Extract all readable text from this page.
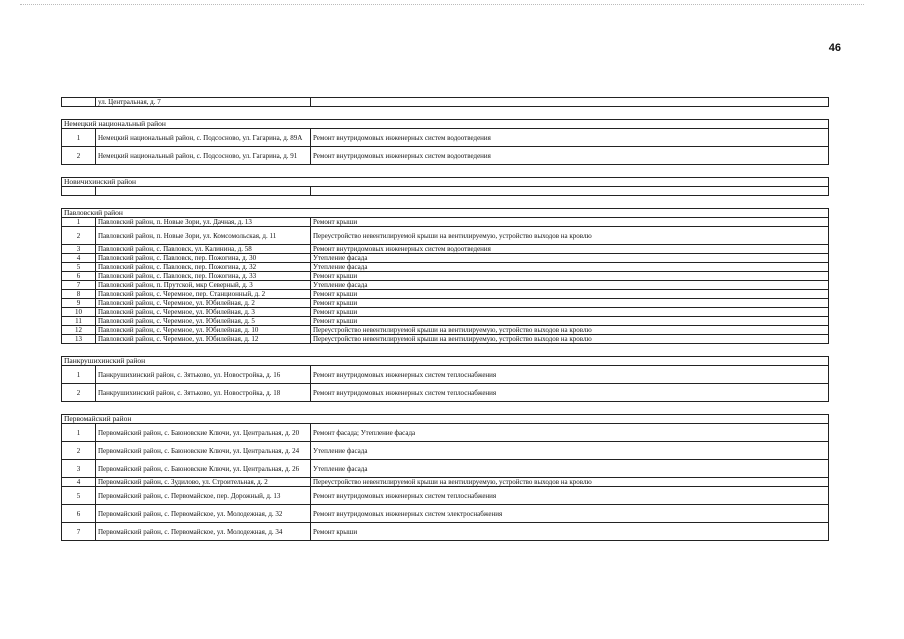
46
	ул. Центральная, д. 7	

Немецкий национальный район		
1	Немецкий национальный район, с. Подсосново, ул. Гагарина, д. 89А	Ремонт внутридомовых инженерных систем водоотведения
2	Немецкий национальный район, с. Подсосново, ул. Гагарина, д. 91	Ремонт внутридомовых инженерных систем водоотведения

Новичихинский район		

Павловский район		
1	Павловский район, п. Новые Зори, ул. Дачная, д. 13	Ремонт крыши
2	Павловский район, п. Новые Зори, ул. Комсомольская, д. 11	Переустройство невентилируемой крыши на вентилируемую, устройство выходов на кровлю
3	Павловский район, с. Павловск, ул. Калинина, д. 58	Ремонт внутридомовых инженерных систем водоотведения
4	Павловский район, с. Павловск, пер. Пожогина, д. 30	Утепление фасада
5	Павловский район, с. Павловск, пер. Пожогина, д. 32	Утепление фасада
6	Павловский район, с. Павловск, пер. Пожогина, д. 33	Ремонт крыши
7	Павловский район, п. Прутской, мкр Северный, д. 3	Утепление фасада
8	Павловский район, с. Черемное, пер. Станционный, д. 2	Ремонт крыши
9	Павловский район, с. Черемное, ул. Юбилейная, д. 2	Ремонт крыши
10	Павловский район, с. Черемное, ул. Юбилейная, д. 3	Ремонт крыши
11	Павловский район, с. Черемное, ул. Юбилейная, д. 5	Ремонт крыши
12	Павловский район, с. Черемное, ул. Юбилейная, д. 10	Переустройство невентилируемой крыши на вентилируемую, устройство выходов на кровлю
13	Павловский район, с. Черемное, ул. Юбилейная, д. 12	Переустройство невентилируемой крыши на вентилируемую, устройство выходов на кровлю

Панкрушихинский район		
1	Панкрушихинский район, с. Зятьково, ул. Новостройка, д. 16	Ремонт внутридомовых инженерных систем теплоснабжения
2	Панкрушихинский район, с. Зятьково, ул. Новостройка, д. 18	Ремонт внутридомовых инженерных систем теплоснабжения

Первомайский район		
1	Первомайский район, с. Баюновские Ключи, ул. Центральная, д. 20	Ремонт фасада; Утепление фасада
2	Первомайский район, с. Баюновские Ключи, ул. Центральная, д. 24	Утепление фасада
3	Первомайский район, с. Баюновские Ключи, ул. Центральная, д. 26	Утепление фасада
4	Первомайский район, с. Зудилово, ул. Строительная, д. 2	Переустройство невентилируемой крыши на вентилируемую, устройство выходов на кровлю
5	Первомайский район, с. Первомайское, пер. Дорожный, д. 13	Ремонт внутридомовых инженерных систем теплоснабжения
6	Первомайский район, с. Первомайское, ул. Молодежная, д. 32	Ремонт внутридомовых инженерных систем электроснабжения
7	Первомайский район, с. Первомайское, ул. Молодежная, д. 34	Ремонт крыши
